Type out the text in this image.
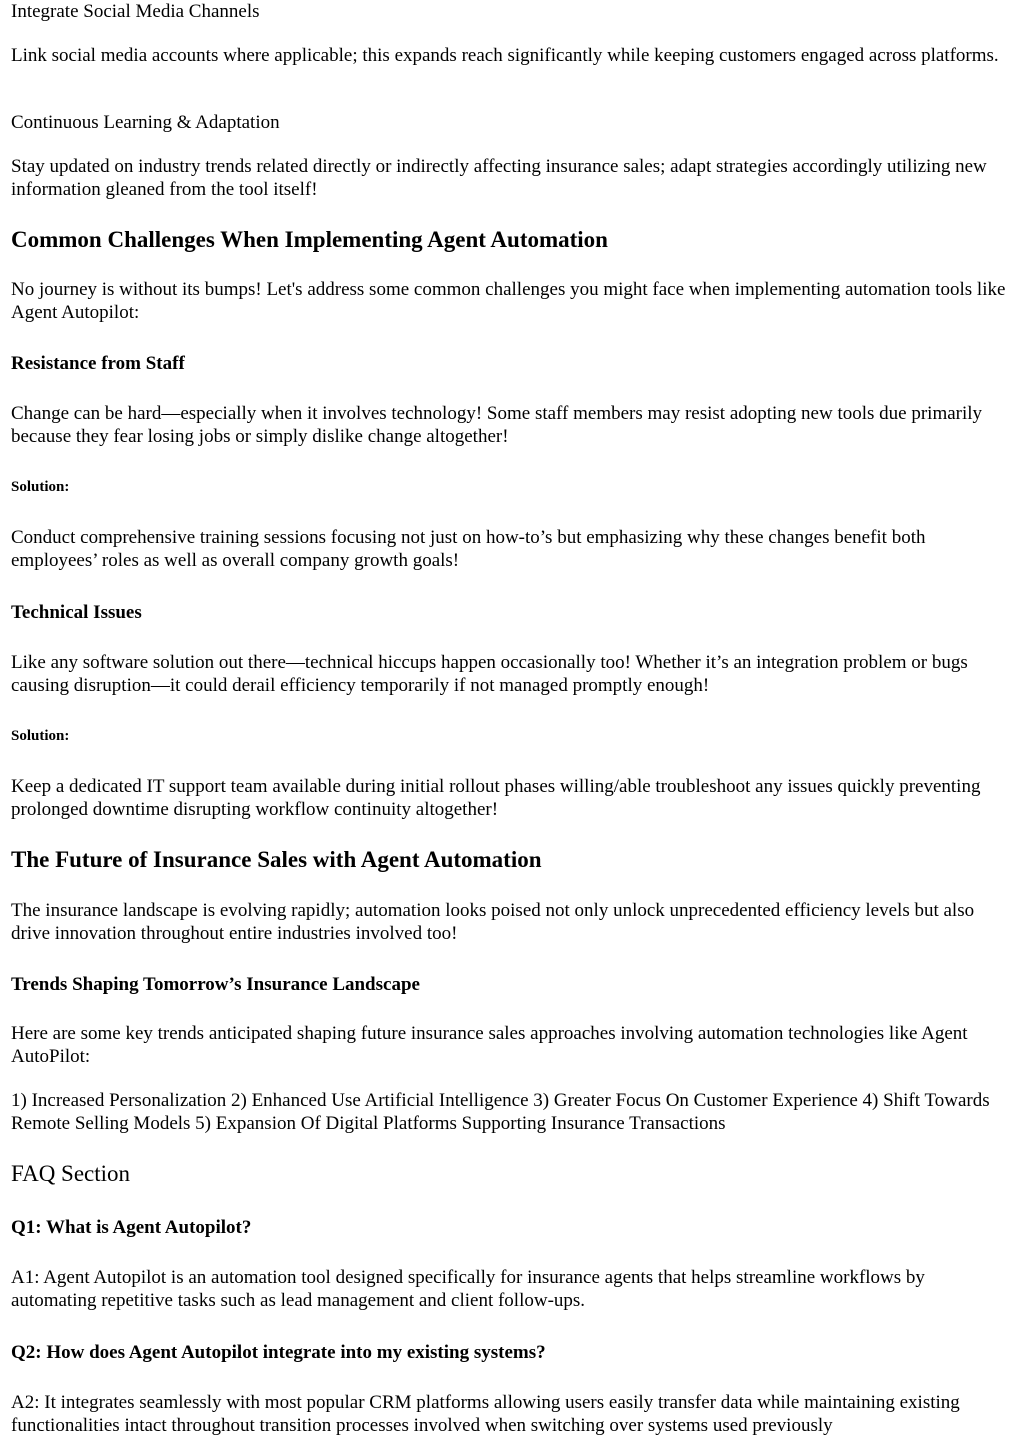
Integrate Social Media Channels

Link social media accounts where applicable; this expands reach significantly while keeping customers engaged across platforms.

Continuous Learning & Adaptation

Stay updated on industry trends related directly or indirectly affecting insurance sales; adapt strategies accordingly utilizing new information gleaned from the tool itself!

Common Challenges When Implementing Agent Automation

No journey is without its bumps! Let's address some common challenges you might face when implementing automation tools like Agent Autopilot:

Resistance from Staff

Change can be hard—especially when it involves technology! Some staff members may resist adopting new tools due primarily because they fear losing jobs or simply dislike change altogether!

Solution:

Conduct comprehensive training sessions focusing not just on how-to’s but emphasizing why these changes benefit both employees’ roles as well as overall company growth goals!

Technical Issues

Like any software solution out there—technical hiccups happen occasionally too! Whether it’s an integration problem or bugs causing disruption—it could derail efficiency temporarily if not managed promptly enough!

Solution:

Keep a dedicated IT support team available during initial rollout phases willing/able troubleshoot any issues quickly preventing prolonged downtime disrupting workflow continuity altogether!

The Future of Insurance Sales with Agent Automation

The insurance landscape is evolving rapidly; automation looks poised not only unlock unprecedented efficiency levels but also drive innovation throughout entire industries involved too!

Trends Shaping Tomorrow’s Insurance Landscape

Here are some key trends anticipated shaping future insurance sales approaches involving automation technologies like Agent AutoPilot:

1) Increased Personalization 2) Enhanced Use Artificial Intelligence 3) Greater Focus On Customer Experience 4) Shift Towards Remote Selling Models 5) Expansion Of Digital Platforms Supporting Insurance Transactions

FAQ Section
Q1: What is Agent Autopilot?

A1: Agent Autopilot is an automation tool designed specifically for insurance agents that helps streamline workflows by automating repetitive tasks such as lead management and client follow-ups.

Q2: How does Agent Autopilot integrate into my existing systems?

A2: It integrates seamlessly with most popular CRM platforms allowing users easily transfer data while maintaining existing functionalities intact throughout transition processes involved when switching over systems used previously
